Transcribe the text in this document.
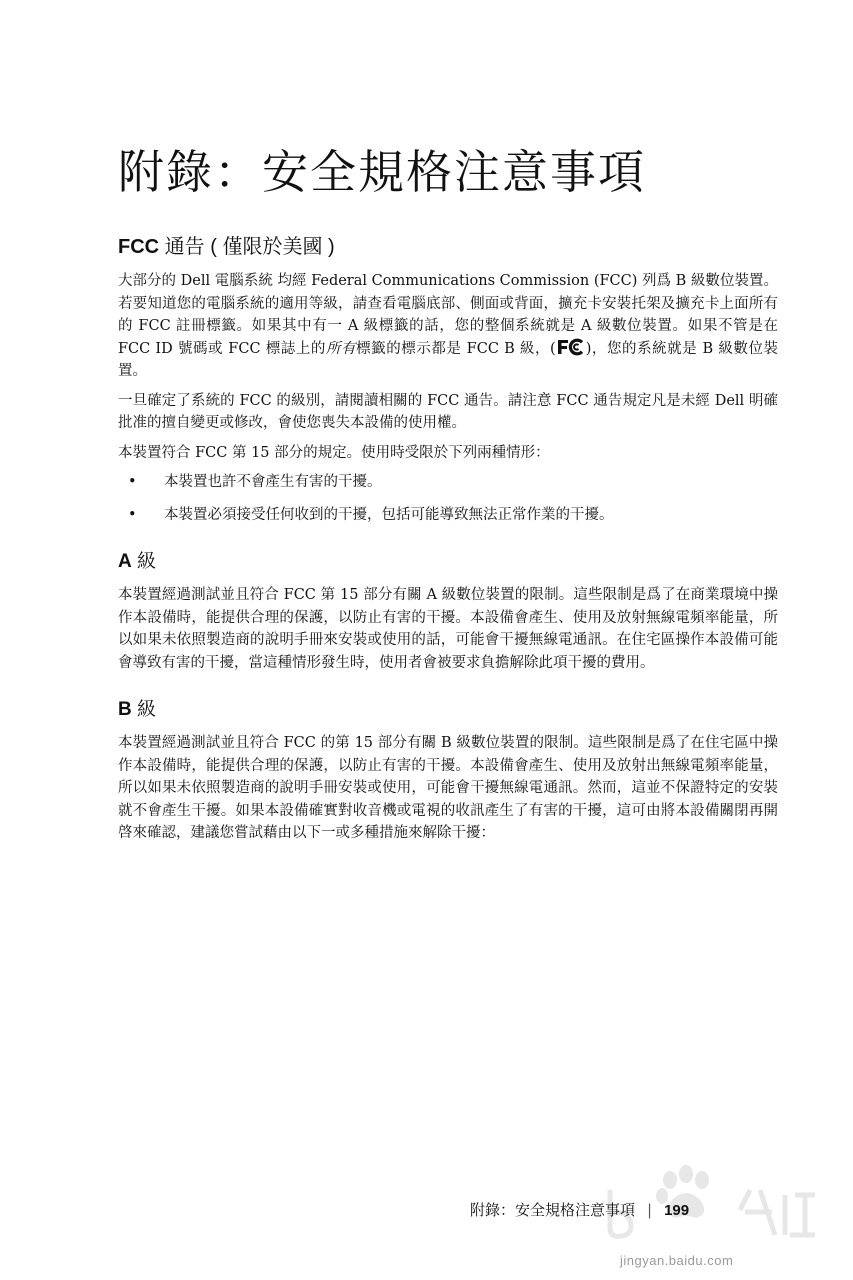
附錄：安全規格注意事項
FCC 通告 ( 僅限於美國 )

大部分的 Dell 電腦系統 均經 Federal Communications Commission (FCC) 列爲 B 級數位裝置。若要知道您的電腦系統的適用等級，請查看電腦底部、側面或背面，擴充卡安裝托架及擴充卡上面所有的 FCC 註冊標籤。如果其中有一 A 級標籤的話，您的整個系統就是 A 級數位裝置。如果不管是在 FCC ID 號碼或 FCC 標誌上的所有標籤的標示都是 FCC B 級，( )，您的系統就是 B 級數位裝置。

一旦確定了系統的 FCC 的級別，請閱讀相關的 FCC 通告。請注意 FCC 通告規定凡是未經 Dell 明確批准的擅自變更或修改，會使您喪失本設備的使用權。

本裝置符合 FCC 第 15 部分的規定。使用時受限於下列兩種情形：

• 本裝置也許不會產生有害的干擾。
• 本裝置必須接受任何收到的干擾，包括可能導致無法正常作業的干擾。
A 級

本裝置經過測試並且符合 FCC 第 15 部分有關 A 級數位裝置的限制。這些限制是爲了在商業環境中操作本設備時，能提供合理的保護，以防止有害的干擾。本設備會產生、使用及放射無線電頻率能量，所以如果未依照製造商的說明手冊來安裝或使用的話，可能會干擾無線電通訊。在住宅區操作本設備可能會導致有害的干擾，當這種情形發生時，使用者會被要求負擔解除此項干擾的費用。

B 級

本裝置經過測試並且符合 FCC 的第 15 部分有關 B 級數位裝置的限制。這些限制是爲了在住宅區中操作本設備時，能提供合理的保護，以防止有害的干擾。本設備會產生、使用及放射出無線電頻率能量，所以如果未依照製造商的說明手冊安裝或使用，可能會干擾無線電通訊。然而，這並不保證特定的安裝就不會產生干擾。如果本設備確實對收音機或電視的收訊產生了有害的干擾，這可由將本設備關閉再開啓來確認，建議您嘗試藉由以下一或多種措施來解除干擾：

jingyan.baidu.com
附錄：安全規格注意事項 | 199
